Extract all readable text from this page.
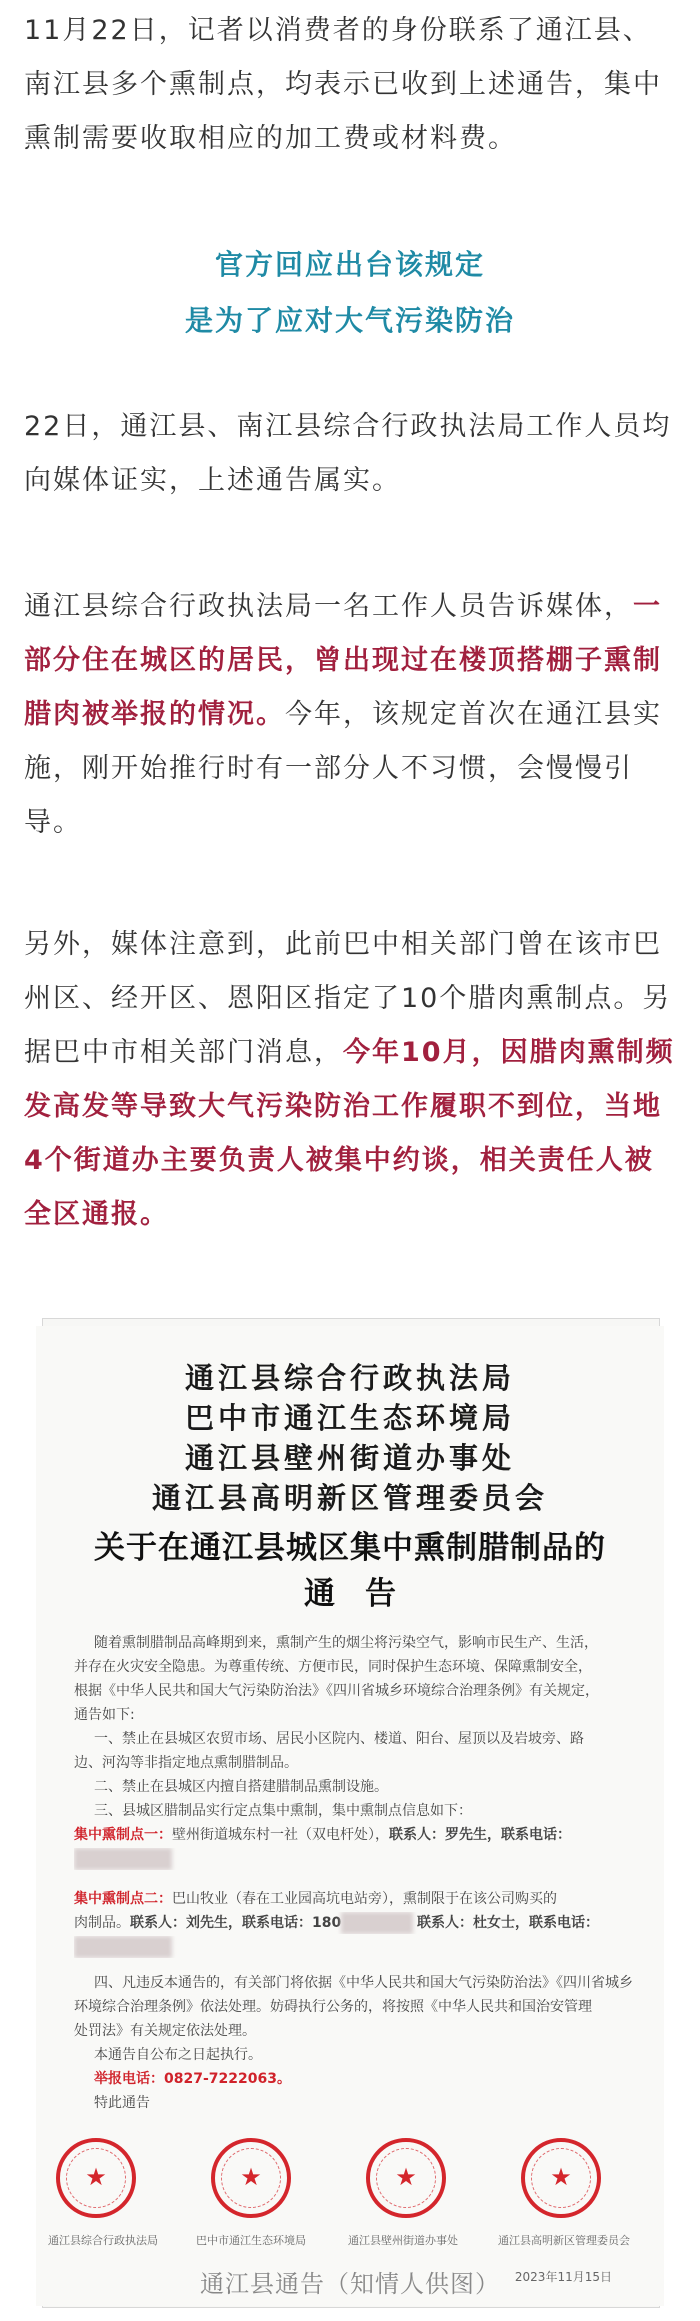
11月22日，记者以消费者的身份联系了通江县、南江县多个熏制点，均表示已收到上述通告，集中熏制需要收取相应的加工费或材料费。

官方回应出台该规定

是为了应对大气污染防治

22日，通江县、南江县综合行政执法局工作人员均向媒体证实，上述通告属实。

通江县综合行政执法局一名工作人员告诉媒体，一部分住在城区的居民，曾出现过在楼顶搭棚子熏制腊肉被举报的情况。今年，该规定首次在通江县实施，刚开始推行时有一部分人不习惯，会慢慢引导。

另外，媒体注意到，此前巴中相关部门曾在该市巴州区、经开区、恩阳区指定了10个腊肉熏制点。另据巴中市相关部门消息，今年10月，因腊肉熏制频发高发等导致大气污染防治工作履职不到位，当地4个街道办主要负责人被集中约谈，相关责任人被全区通报。

通江县综合行政执法局

巴中市通江生态环境局

通江县壁州街道办事处

通江县高明新区管理委员会

关于在通江县城区集中熏制腊制品的

通告

随着熏制腊制品高峰期到来，熏制产生的烟尘将污染空气，影响市民生产、生活，

并存在火灾安全隐患。为尊重传统、方便市民，同时保护生态环境、保障熏制安全，

根据《中华人民共和国大气污染防治法》《四川省城乡环境综合治理条例》有关规定，

通告如下:

一、禁止在县城区农贸市场、居民小区院内、楼道、阳台、屋顶以及岩坡旁、路

边、河沟等非指定地点熏制腊制品。

二、禁止在县城区内擅自搭建腊制品熏制设施。

三、县城区腊制品实行定点集中熏制，集中熏制点信息如下：

集中熏制点一：壁州街道城东村一社（双电杆处），联系人：罗先生，联系电话：

集中熏制点二：巴山牧业（春在工业园高坑电站旁），熏制限于在该公司购买的

肉制品。联系人：刘先生，联系电话：180	联系人：杜女士，联系电话：

四、凡违反本通告的，有关部门将依据《中华人民共和国大气污染防治法》《四川省城乡

环境综合治理条例》依法处理。妨碍执行公务的，将按照《中华人民共和国治安管理

处罚法》有关规定依法处理。

本通告自公布之日起执行。

举报电话：0827-7222063。

特此通告

★	★	★	★
通江县综合行政执法局	巴中市通江生态环境局	通江县壁州街道办事处	通江县高明新区管理委员会
2023年11月15日

通江县通告（知情人供图）
